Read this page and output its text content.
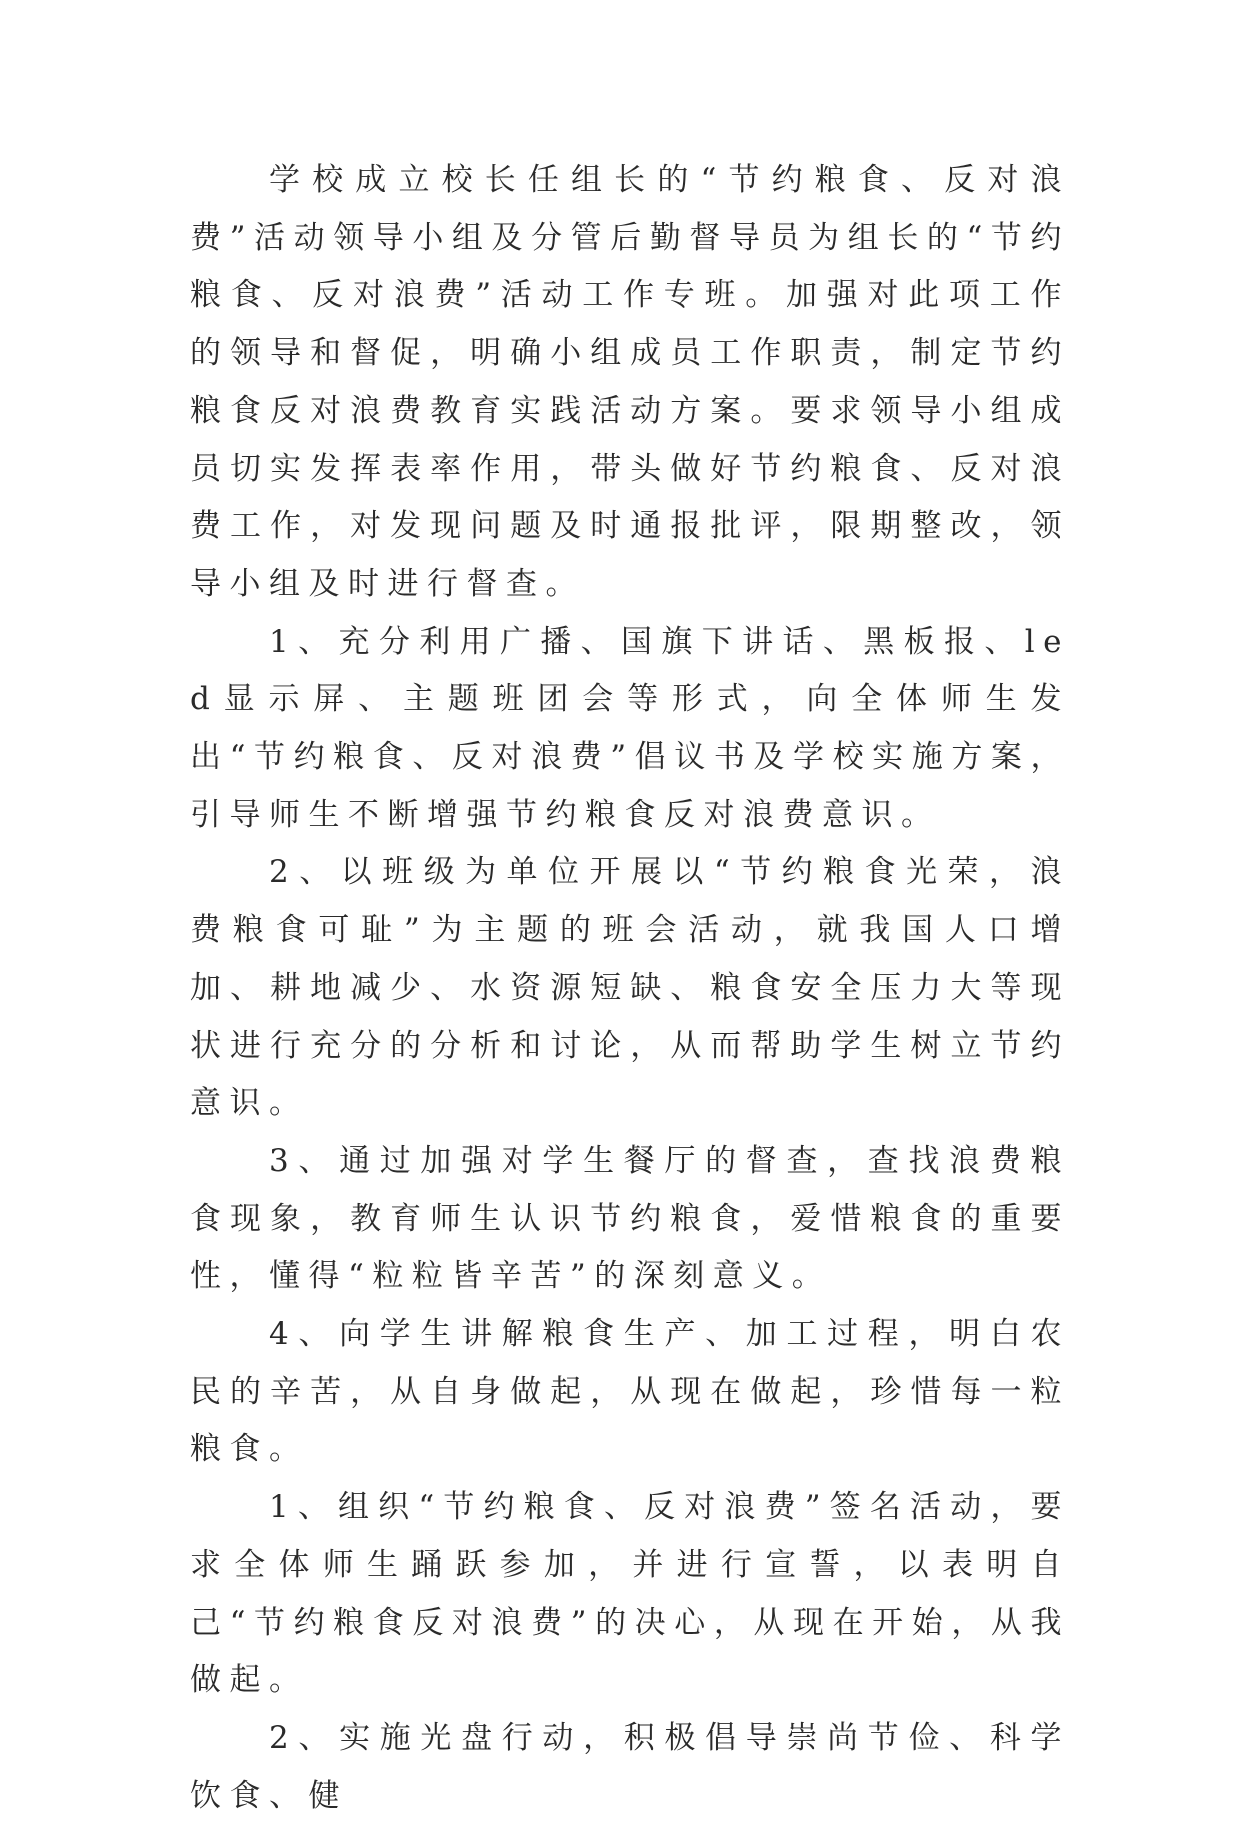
学校成立校长任组长的“节约粮食、反对浪费”活动领导小组及分管后勤督导员为组长的“节约粮食、反对浪费”活动工作专班。加强对此项工作的领导和督促，明确小组成员工作职责，制定节约粮食反对浪费教育实践活动方案。要求领导小组成员切实发挥表率作用，带头做好节约粮食、反对浪费工作，对发现问题及时通报批评，限期整改，领导小组及时进行督查。

1、充分利用广播、国旗下讲话、黑板报、led显示屏、主题班团会等形式，向全体师生发出“节约粮食、反对浪费”倡议书及学校实施方案，引导师生不断增强节约粮食反对浪费意识。

2、以班级为单位开展以“节约粮食光荣，浪费粮食可耻”为主题的班会活动，就我国人口增加、耕地减少、水资源短缺、粮食安全压力大等现状进行充分的分析和讨论，从而帮助学生树立节约意识。

3、通过加强对学生餐厅的督查，查找浪费粮食现象，教育师生认识节约粮食，爱惜粮食的重要性，懂得“粒粒皆辛苦”的深刻意义。

4、向学生讲解粮食生产、加工过程，明白农民的辛苦，从自身做起，从现在做起，珍惜每一粒粮食。

1、组织“节约粮食、反对浪费”签名活动，要求全体师生踊跃参加，并进行宣誓，以表明自己“节约粮食反对浪费”的决心，从现在开始，从我做起。

2、实施光盘行动，积极倡导崇尚节俭、科学饮食、健
